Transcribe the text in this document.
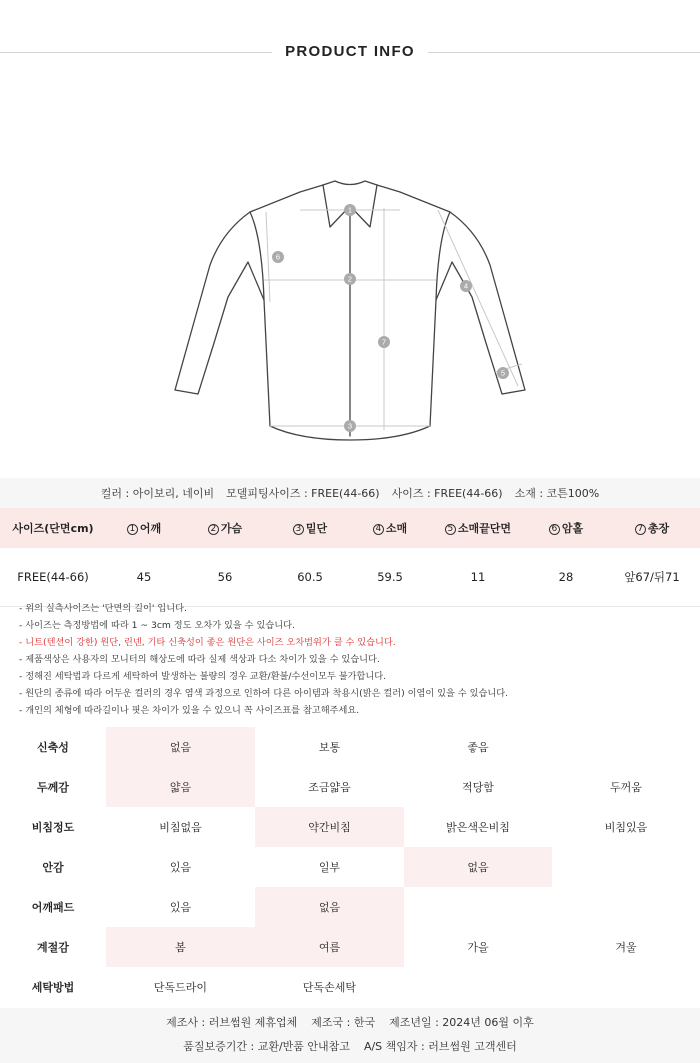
PRODUCT INFO
1
2
3
4
5
6
7
컬러 : 아이보리, 네이비 모델피팅사이즈 : FREE(44-66) 사이즈 : FREE(44-66) 소재 : 코튼100%
사이즈(단면cm)	1 어깨	2 가슴	3 밑단	4 소매	5 소매끝단면	6 암홀	7 총장
FREE(44-66)	45	56	60.5	59.5	11	28	앞67/뒤71
- 위의 실측사이즈는 '단면의 길이' 입니다.
- 사이즈는 측정방법에 따라 1 ~ 3cm 정도 오차가 있을 수 있습니다.
- 니트(텐션이 강한) 원단, 린넨, 기타 신축성이 좋은 원단은 사이즈 오차범위가 클 수 있습니다.
- 제품색상은 사용자의 모니터의 해상도에 따라 실제 색상과 다소 차이가 있을 수 있습니다.
- 정해진 세탁법과 다르게 세탁하여 발생하는 불량의 경우 교환/환불/수선이모두 불가합니다.
- 원단의 종류에 따라 어두운 컬러의 경우 염색 과정으로 인하여 다른 아이템과 착용시(밝은 컬러) 이염이 있을 수 있습니다.
- 개인의 체형에 따라길이나 핏은 차이가 있을 수 있으니 꼭 사이즈표를 참고해주세요.
신축성	없음	보통	좋음	
두께감	얇음	조금얇음	적당함	두꺼움
비침정도	비침없음	약간비침	밝은색은비침	비침있음
안감	있음	일부	없음	
어깨패드	있음	없음		
계절감	봄	여름	가을	겨울
세탁방법	단독드라이	단독손세탁		
제조사 : 러브썸원 제휴업체 제조국 : 한국 제조년일 : 2024년 06월 이후
품질보증기간 : 교환/반품 안내참고 A/S 책임자 : 러브썸원 고객센터
